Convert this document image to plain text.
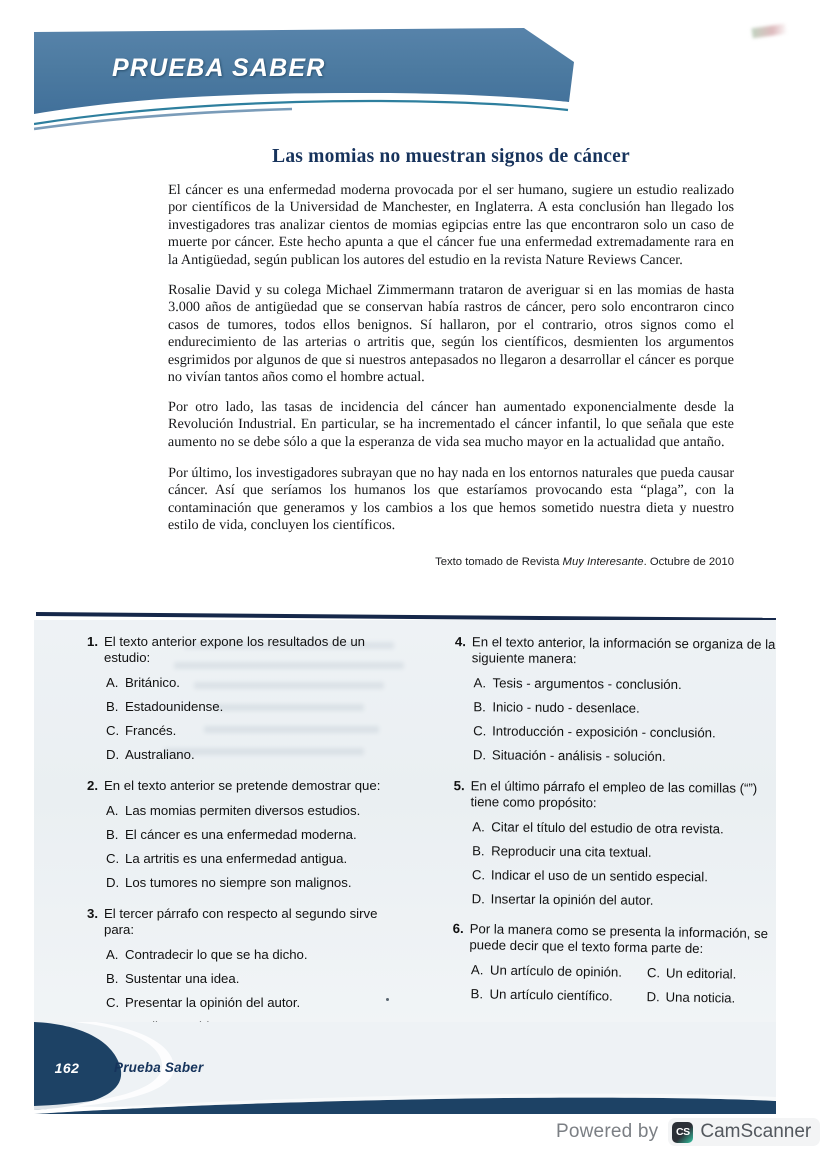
PRUEBA SABER
Las momias no muestran signos de cáncer

El cáncer es una enfermedad moderna provocada por el ser humano, sugiere un estudio realizado por científicos de la Universidad de Manchester, en Inglaterra. A esta conclusión han llegado los investigadores tras analizar cientos de momias egipcias entre las que encontraron solo un caso de muerte por cáncer. Este hecho apunta a que el cáncer fue una enfermedad extremadamente rara en la Antigüedad, según publican los autores del estudio en la revista Nature Reviews Cancer.

Rosalie David y su colega Michael Zimmermann trataron de averiguar si en las momias de hasta 3.000 años de antigüedad que se conservan había rastros de cáncer, pero solo encontraron cinco casos de tumores, todos ellos benignos. Sí hallaron, por el contrario, otros signos como el endurecimiento de las arterias o artritis que, según los científicos, desmienten los argumentos esgrimidos por algunos de que si nuestros antepasados no llegaron a desarrollar el cáncer es porque no vivían tantos años como el hombre actual.

Por otro lado, las tasas de incidencia del cáncer han aumentado exponencialmente desde la Revolución Industrial. En particular, se ha incrementado el cáncer infantil, lo que señala que este aumento no se debe sólo a que la esperanza de vida sea mucho mayor en la actualidad que antaño.

Por último, los investigadores subrayan que no hay nada en los entornos naturales que pueda causar cáncer. Así que seríamos los humanos los que estaríamos provocando esta “plaga”, con la contaminación que generamos y los cambios a los que hemos sometido nuestra dieta y nuestro estilo de vida, concluyen los científicos.

Texto tomado de Revista Muy Interesante. Octubre de 2010
1. El texto anterior expone los resultados de un estudio:
A. Británico.
B. Estadounidense.
C. Francés.
D. Australiano.
2. En el texto anterior se pretende demostrar que:
A. Las momias permiten diversos estudios.
B. El cáncer es una enfermedad moderna.
C. La artritis es una enfermedad antigua.
D. Los tumores no siempre son malignos.
3. El tercer párrafo con respecto al segundo sirve para:
A. Contradecir lo que se ha dicho.
B. Sustentar una idea.
C. Presentar la opinión del autor.
4. En el texto anterior, la información se organiza de la siguiente manera:
A. Tesis - argumentos - conclusión.
B. Inicio - nudo - desenlace.
C. Introducción - exposición - conclusión.
D. Situación - análisis - solución.
5. En el último párrafo el empleo de las comillas (“”) tiene como propósito:
A. Citar el título del estudio de otra revista.
B. Reproducir una cita textual.
C. Indicar el uso de un sentido especial.
D. Insertar la opinión del autor.
6. Por la manera como se presenta la información, se puede decir que el texto forma parte de:
A. Un artículo de opinión. C. Un editorial.
B. Un artículo científico.	D. Una noticia.
162	Prueba Saber
Powered by	CS CamScanner
